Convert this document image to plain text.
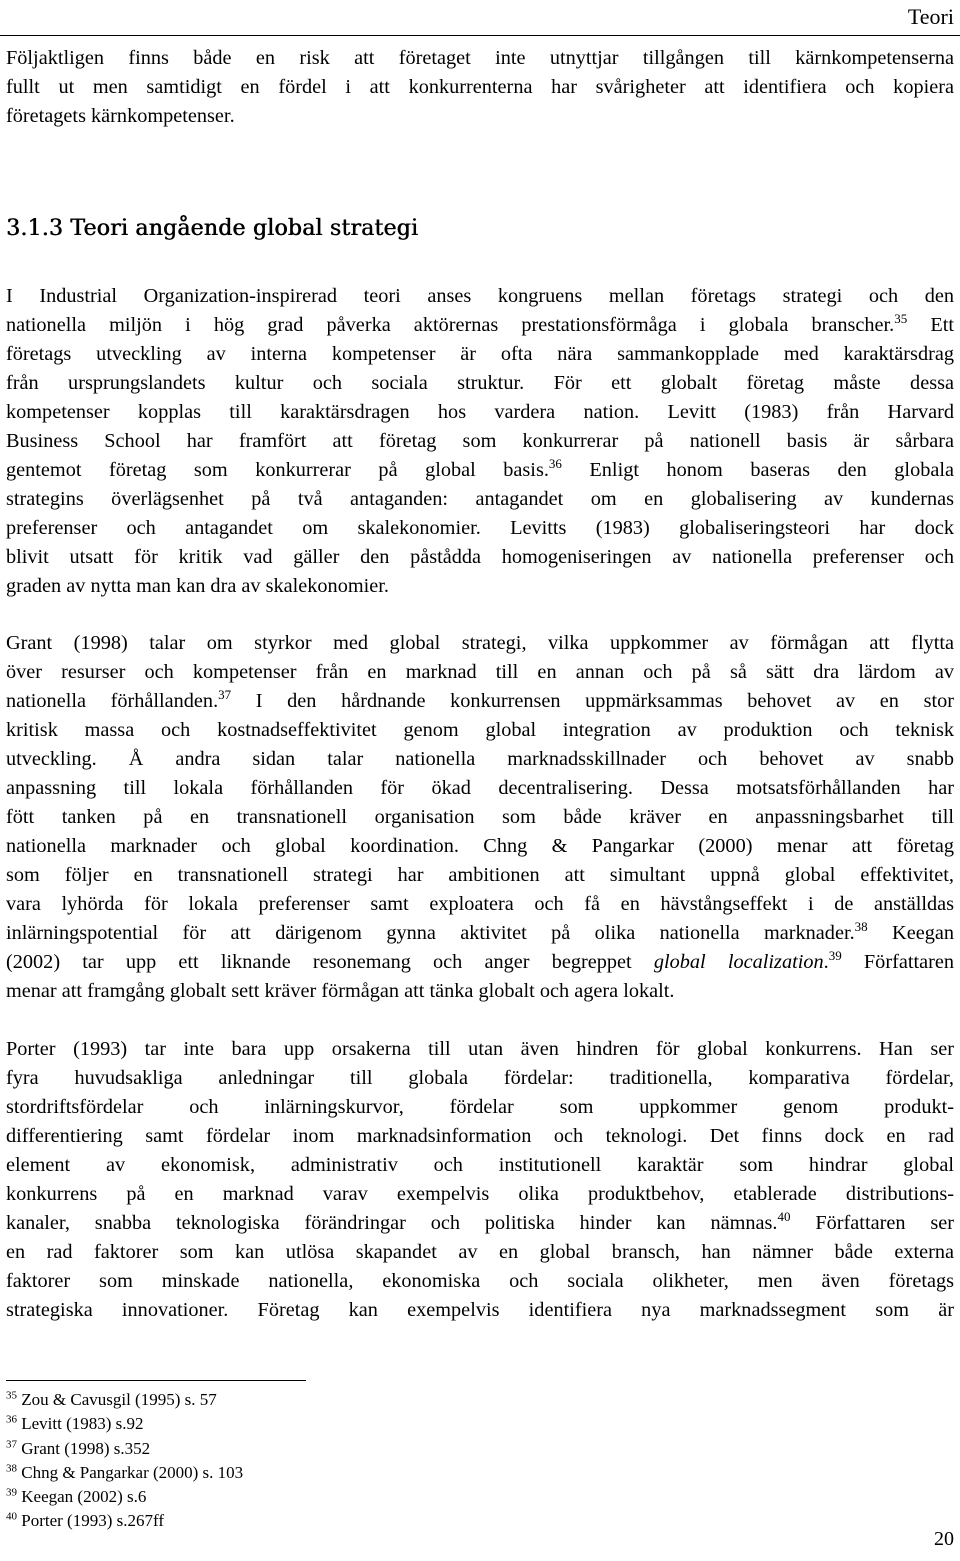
Teori

Följaktligen finns både en risk att företaget inte utnyttjar tillgången till kärnkompetenserna
fullt ut men samtidigt en fördel i att konkurrenterna har svårigheter att identifiera och kopiera
företagets kärnkompetenser.

3.1.3 Teori angående global strategi

I Industrial Organization-inspirerad teori anses kongruens mellan företags strategi och den
nationella miljön i hög grad påverka aktörernas prestationsförmåga i globala branscher.$^{35}$ Ett
företags utveckling av interna kompetenser är ofta nära sammankopplade med karaktärsdrag
från ursprungslandets kultur och sociala struktur. För ett globalt företag måste dessa
kompetenser kopplas till karaktärsdragen hos vardera nation. Levitt (1983) från Harvard
Business School har framfört att företag som konkurrerar på nationell basis är sårbara
gentemot företag som konkurrerar på global basis.$^{36}$ Enligt honom baseras den globala
strategins överlägsenhet på två antaganden: antagandet om en globalisering av kundernas
preferenser och antagandet om skalekonomier. Levitts (1983) globaliseringsteori har dock
blivit utsatt för kritik vad gäller den påstådda homogeniseringen av nationella preferenser och
graden av nytta man kan dra av skalekonomier.

Grant (1998) talar om styrkor med global strategi, vilka uppkommer av förmågan att flytta
över resurser och kompetenser från en marknad till en annan och på så sätt dra lärdom av
nationella förhållanden.$^{37}$ I den hårdnande konkurrensen uppmärksammas behovet av en stor
kritisk massa och kostnadseffektivitet genom global integration av produktion och teknisk
utveckling. Å andra sidan talar nationella marknadsskillnader och behovet av snabb
anpassning till lokala förhållanden för ökad decentralisering. Dessa motsatsförhållanden har
fött tanken på en transnationell organisation som både kräver en anpassningsbarhet till
nationella marknader och global koordination. Chng & Pangarkar (2000) menar att företag
som följer en transnationell strategi har ambitionen att simultant uppnå global effektivitet,
vara lyhörda för lokala preferenser samt exploatera och få en hävstångseffekt i de anställdas
inlärningspotential för att därigenom gynna aktivitet på olika nationella marknader.$^{38}$ Keegan
(2002) tar upp ett liknande resonemang och anger begreppet global localization.$^{39}$ Författaren
menar att framgång globalt sett kräver förmågan att tänka globalt och agera lokalt.

Porter (1993) tar inte bara upp orsakerna till utan även hindren för global konkurrens. Han ser
fyra huvudsakliga anledningar till globala fördelar: traditionella, komparativa fördelar,
stordriftsfördelar och inlärningskurvor, fördelar som uppkommer genom produkt-
differentiering samt fördelar inom marknadsinformation och teknologi. Det finns dock en rad
element av ekonomisk, administrativ och institutionell karaktär som hindrar global
konkurrens på en marknad varav exempelvis olika produktbehov, etablerade distributions-
kanaler, snabba teknologiska förändringar och politiska hinder kan nämnas.$^{40}$ Författaren ser
en rad faktorer som kan utlösa skapandet av en global bransch, han nämner både externa
faktorer som minskade nationella, ekonomiska och sociala olikheter, men även företags
strategiska innovationer. Företag kan exempelvis identifiera nya marknadssegment som är

$^{35}$ Zou & Cavusgil (1995) s. 57
$^{36}$ Levitt (1983) s.92
$^{37}$ Grant (1998) s.352
$^{38}$ Chng & Pangarkar (2000) s. 103
$^{39}$ Keegan (2002) s.6
$^{40}$ Porter (1993) s.267ff
20
